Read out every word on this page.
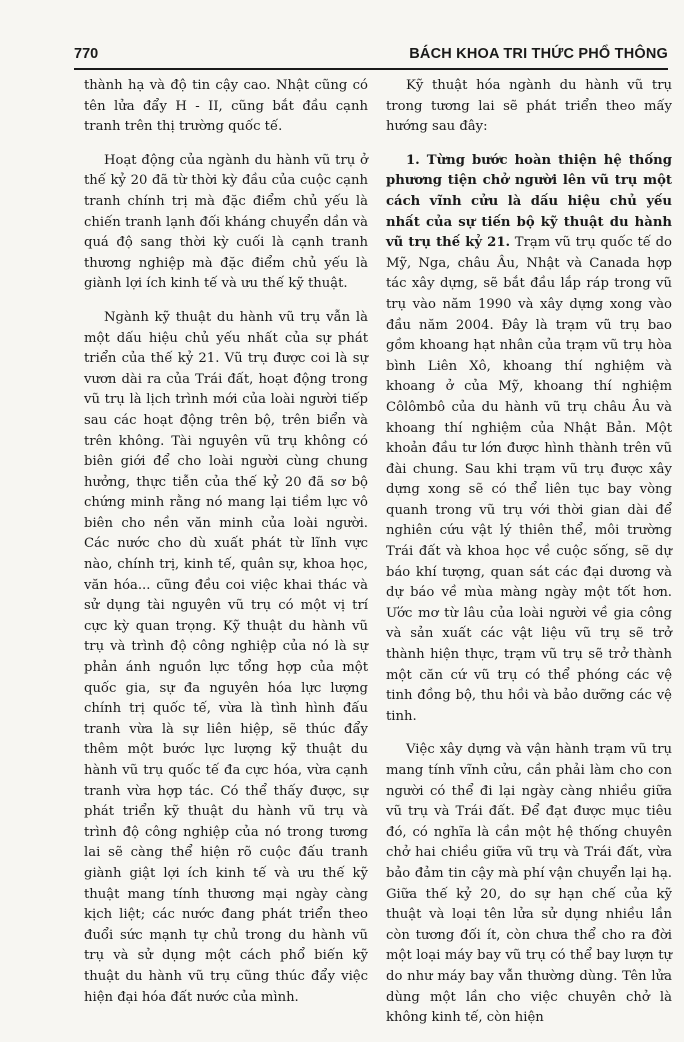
770	BÁCH KHOA TRI THỨC PHỔ THÔNG

thành hạ và độ tin cậy cao. Nhật cũng có tên lửa đẩy H - II, cũng bắt đầu cạnh tranh trên thị trường quốc tế.

Hoạt động của ngành du hành vũ trụ ở thế kỷ 20 đã từ thời kỳ đầu của cuộc cạnh tranh chính trị mà đặc điểm chủ yếu là chiến tranh lạnh đối kháng chuyển dần và quá độ sang thời kỳ cuối là cạnh tranh thương nghiệp mà đặc điểm chủ yếu là giành lợi ích kinh tế và ưu thế kỹ thuật.

Ngành kỹ thuật du hành vũ trụ vẫn là một dấu hiệu chủ yếu nhất của sự phát triển của thế kỷ 21. Vũ trụ được coi là sự vươn dài ra của Trái đất, hoạt động trong vũ trụ là lịch trình mới của loài người tiếp sau các hoạt động trên bộ, trên biển và trên không. Tài nguyên vũ trụ không có biên giới để cho loài người cùng chung hưởng, thực tiễn của thế kỷ 20 đã sơ bộ chứng minh rằng nó mang lại tiềm lực vô biên cho nền văn minh của loài người. Các nước cho dù xuất phát từ lĩnh vực nào, chính trị, kinh tế, quân sự, khoa học, văn hóa... cũng đều coi việc khai thác và sử dụng tài nguyên vũ trụ có một vị trí cực kỳ quan trọng. Kỹ thuật du hành vũ trụ và trình độ công nghiệp của nó là sự phản ánh nguồn lực tổng hợp của một quốc gia, sự đa nguyên hóa lực lượng chính trị quốc tế, vừa là tình hình đấu tranh vừa là sự liên hiệp, sẽ thúc đẩy thêm một bước lực lượng kỹ thuật du hành vũ trụ quốc tế đa cực hóa, vừa cạnh tranh vừa hợp tác. Có thể thấy được, sự phát triển kỹ thuật du hành vũ trụ và trình độ công nghiệp của nó trong tương lai sẽ càng thể hiện rõ cuộc đấu tranh giành giật lợi ích kinh tế và ưu thế kỹ thuật mang tính thương mại ngày càng kịch liệt; các nước đang phát triển theo đuổi sức mạnh tự chủ trong du hành vũ trụ và sử dụng một cách phổ biến kỹ thuật du hành vũ trụ cũng thúc đẩy việc hiện đại hóa đất nước của mình.

Kỹ thuật hóa ngành du hành vũ trụ trong tương lai sẽ phát triển theo mấy hướng sau đây:

1. Từng bước hoàn thiện hệ thống phương tiện chở người lên vũ trụ một cách vĩnh cửu là dấu hiệu chủ yếu nhất của sự tiến bộ kỹ thuật du hành vũ trụ thế kỷ 21. Trạm vũ trụ quốc tế do Mỹ, Nga, châu Âu, Nhật và Canada hợp tác xây dựng, sẽ bắt đầu lắp ráp trong vũ trụ vào năm 1990 và xây dựng xong vào đầu năm 2004. Đây là trạm vũ trụ bao gồm khoang hạt nhân của trạm vũ trụ hòa bình Liên Xô, khoang thí nghiệm và khoang ở của Mỹ, khoang thí nghiệm Côlômbô của du hành vũ trụ châu Âu và khoang thí nghiệm của Nhật Bản. Một khoản đầu tư lớn được hình thành trên vũ đài chung. Sau khi trạm vũ trụ được xây dựng xong sẽ có thể liên tục bay vòng quanh trong vũ trụ với thời gian dài để nghiên cứu vật lý thiên thể, môi trường Trái đất và khoa học về cuộc sống, sẽ dự báo khí tượng, quan sát các đại dương và dự báo về mùa màng ngày một tốt hơn. Ước mơ từ lâu của loài người về gia công và sản xuất các vật liệu vũ trụ sẽ trở thành hiện thực, trạm vũ trụ sẽ trở thành một căn cứ vũ trụ có thể phóng các vệ tinh đồng bộ, thu hồi và bảo dưỡng các vệ tinh.

Việc xây dựng và vận hành trạm vũ trụ mang tính vĩnh cửu, cần phải làm cho con người có thể đi lại ngày càng nhiều giữa vũ trụ và Trái đất. Để đạt được mục tiêu đó, có nghĩa là cần một hệ thống chuyên chở hai chiều giữa vũ trụ và Trái đất, vừa bảo đảm tin cậy mà phí vận chuyển lại hạ. Giữa thế kỷ 20, do sự hạn chế của kỹ thuật và loại tên lửa sử dụng nhiều lần còn tương đối ít, còn chưa thể cho ra đời một loại máy bay vũ trụ có thể bay lượn tự do như máy bay vẫn thường dùng. Tên lửa dùng một lần cho việc chuyên chở là không kinh tế, còn hiện
